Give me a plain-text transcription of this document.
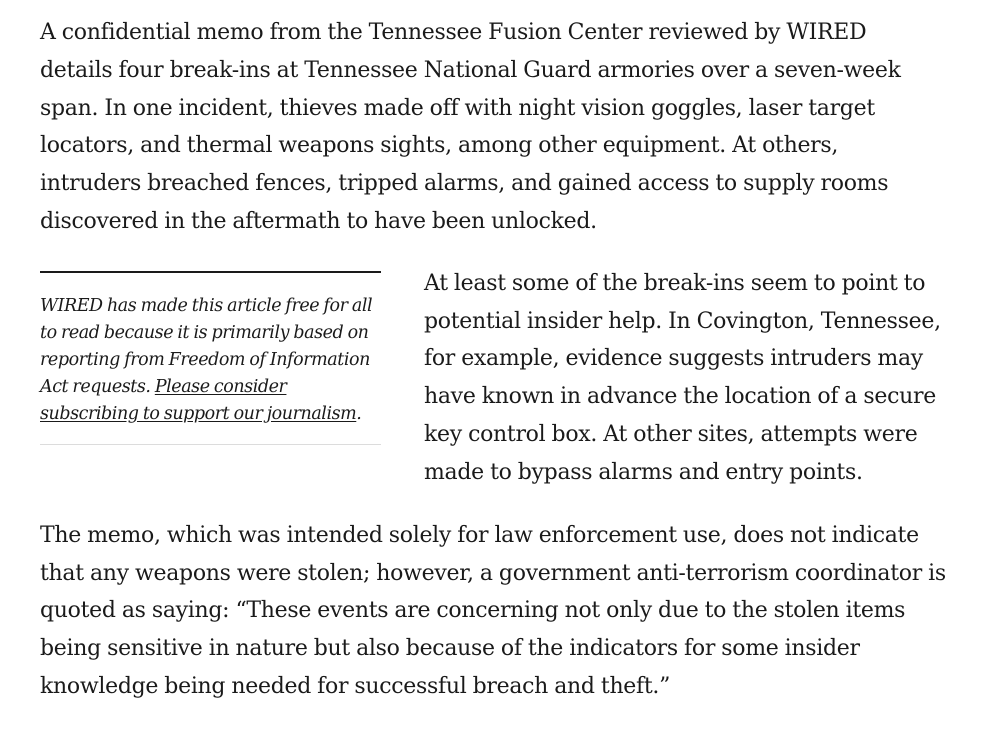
A confidential memo from the Tennessee Fusion Center reviewed by WIRED details four break-ins at Tennessee National Guard armories over a seven-week span. In one incident, thieves made off with night vision goggles, laser target locators, and thermal weapons sights, among other equipment. At others, intruders breached fences, tripped alarms, and gained access to supply rooms discovered in the aftermath to have been unlocked.

WIRED has made this article free for all to read because it is primarily based on reporting from Freedom of Information Act requests. Please consider subscribing to support our journalism.

At least some of the break-ins seem to point to potential insider help. In Covington, Tennessee, for example, evidence suggests intruders may have known in advance the location of a secure key control box. At other sites, attempts were made to bypass alarms and entry points.

The memo, which was intended solely for law enforcement use, does not indicate that any weapons were stolen; however, a government anti-terrorism coordinator is quoted as saying: “These events are concerning not only due to the stolen items being sensitive in nature but also because of the indicators for some insider knowledge being needed for successful breach and theft.”
